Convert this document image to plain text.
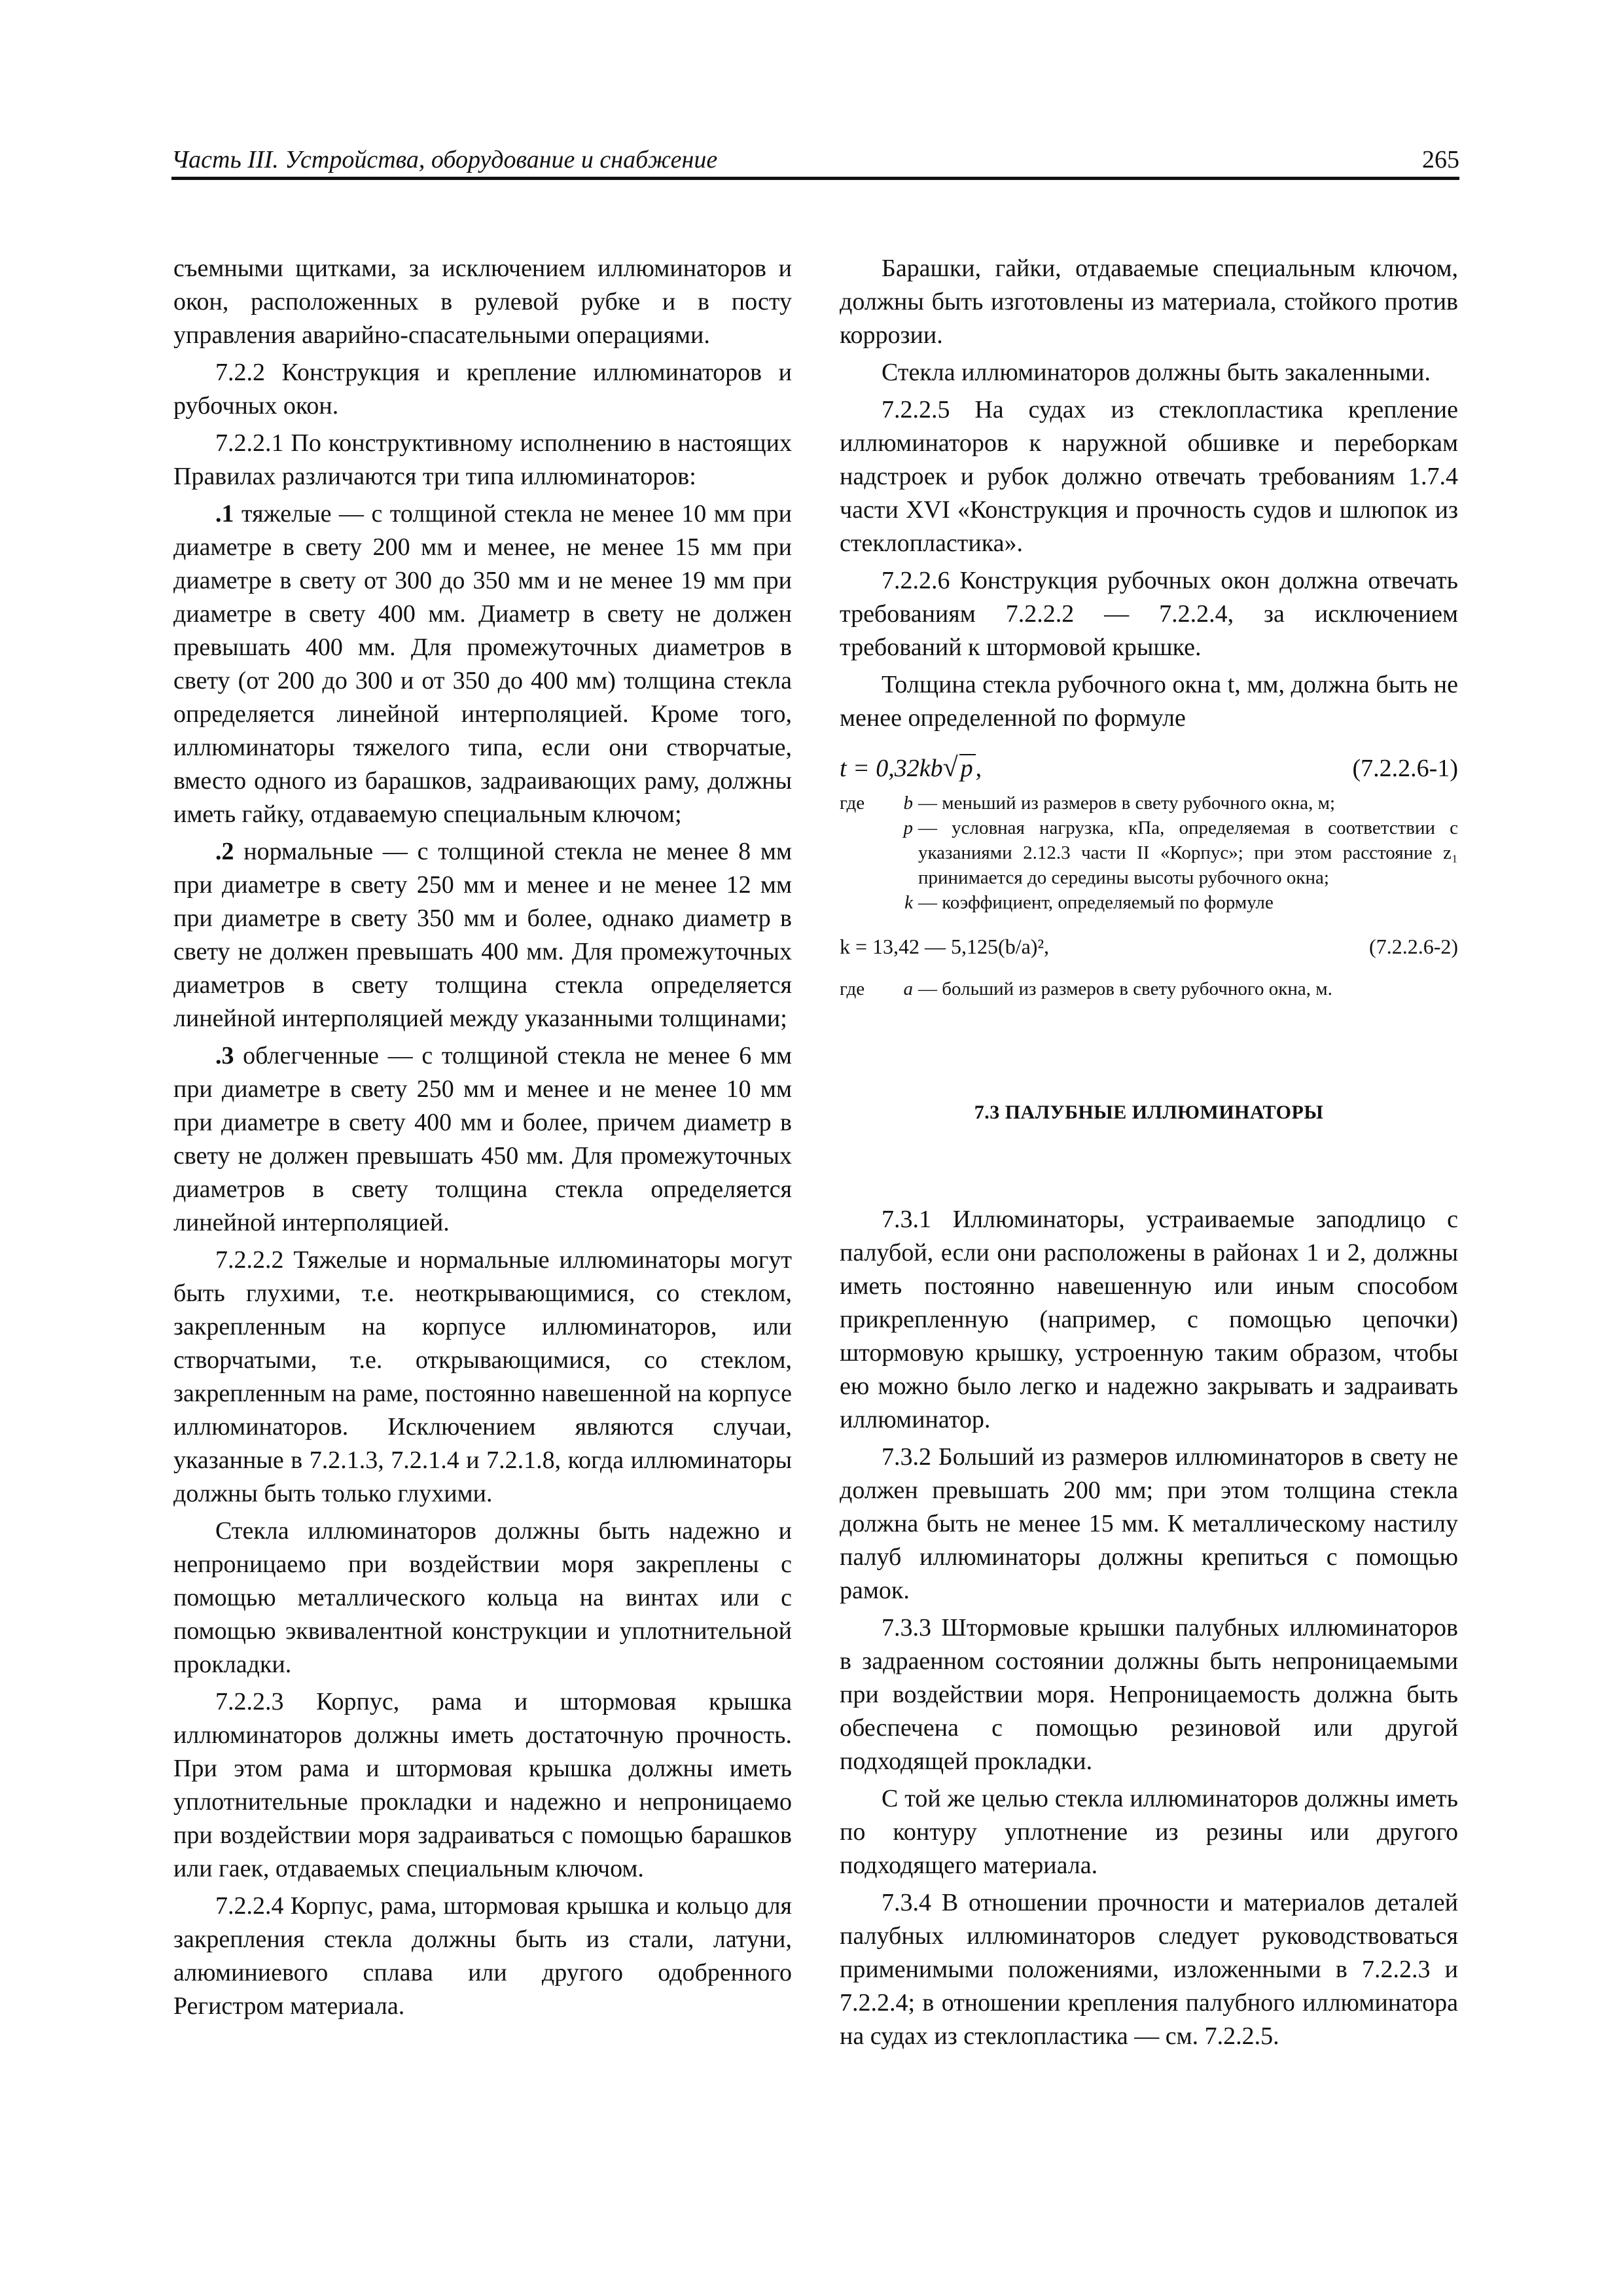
Часть III. Устройства, оборудование и снабжение	265

съемными щитками, за исключением иллюминаторов и окон, расположенных в рулевой рубке и в посту управления аварийно-спасательными операциями.

7.2.2 Конструкция и крепление иллюминаторов и рубочных окон.

7.2.2.1 По конструктивному исполнению в настоящих Правилах различаются три типа иллюминаторов:

.1 тяжелые — с толщиной стекла не менее 10 мм при диаметре в свету 200 мм и менее, не менее 15 мм при диаметре в свету от 300 до 350 мм и не менее 19 мм при диаметре в свету 400 мм. Диаметр в свету не должен превышать 400 мм. Для промежуточных диаметров в свету (от 200 до 300 и от 350 до 400 мм) толщина стекла определяется линейной интерполяцией. Кроме того, иллюминаторы тяжелого типа, если они створчатые, вместо одного из барашков, задраивающих раму, должны иметь гайку, отдаваемую специальным ключом;

.2 нормальные — с толщиной стекла не менее 8 мм при диаметре в свету 250 мм и менее и не менее 12 мм при диаметре в свету 350 мм и более, однако диаметр в свету не должен превышать 400 мм. Для промежуточных диаметров в свету толщина стекла определяется линейной интерполяцией между указанными толщинами;

.3 облегченные — с толщиной стекла не менее 6 мм при диаметре в свету 250 мм и менее и не менее 10 мм при диаметре в свету 400 мм и более, причем диаметр в свету не должен превышать 450 мм. Для промежуточных диаметров в свету толщина стекла определяется линейной интерполяцией.

7.2.2.2 Тяжелые и нормальные иллюминаторы могут быть глухими, т.е. неоткрывающимися, со стеклом, закрепленным на корпусе иллюминаторов, или створчатыми, т.е. открывающимися, со стеклом, закрепленным на раме, постоянно навешенной на корпусе иллюминаторов. Исключением являются случаи, указанные в 7.2.1.3, 7.2.1.4 и 7.2.1.8, когда иллюминаторы должны быть только глухими.

Стекла иллюминаторов должны быть надежно и непроницаемо при воздействии моря закреплены с помощью металлического кольца на винтах или с помощью эквивалентной конструкции и уплотнительной прокладки.

7.2.2.3 Корпус, рама и штормовая крышка иллюминаторов должны иметь достаточную прочность. При этом рама и штормовая крышка должны иметь уплотнительные прокладки и надежно и непроницаемо при воздействии моря задраиваться с помощью барашков или гаек, отдаваемых специальным ключом.

7.2.2.4 Корпус, рама, штормовая крышка и кольцо для закрепления стекла должны быть из стали, латуни, алюминиевого сплава или другого одобренного Регистром материала.

Барашки, гайки, отдаваемые специальным ключом, должны быть изготовлены из материала, стойкого против коррозии.

Стекла иллюминаторов должны быть закаленными.

7.2.2.5 На судах из стеклопластика крепление иллюминаторов к наружной обшивке и переборкам надстроек и рубок должно отвечать требованиям 1.7.4 части XVI «Конструкция и прочность судов и шлюпок из стеклопластика».

7.2.2.6 Конструкция рубочных окон должна отвечать требованиям 7.2.2.2 — 7.2.2.4, за исключением требований к штормовой крышке.

Толщина стекла рубочного окна t, мм, должна быть не менее определенной по формуле

t = 0,32kb√ p ,	(7.2.2.6-1)
где	b — меньший из размеров в свету рубочного окна, м;
p — условная нагрузка, кПа, определяемая в соответствии с указаниями 2.12.3 части II «Корпус»; при этом расстояние z₁ принимается до середины высоты рубочного окна;
k — коэффициент, определяемый по формуле
k = 13,42 — 5,125(b/a)²,	(7.2.2.6-2)
где	a — больший из размеров в свету рубочного окна, м.
7.3 ПАЛУБНЫЕ ИЛЛЮМИНАТОРЫ

7.3.1 Иллюминаторы, устраиваемые заподлицо с палубой, если они расположены в районах 1 и 2, должны иметь постоянно навешенную или иным способом прикрепленную (например, с помощью цепочки) штормовую крышку, устроенную таким образом, чтобы ею можно было легко и надежно закрывать и задраивать иллюминатор.

7.3.2 Больший из размеров иллюминаторов в свету не должен превышать 200 мм; при этом толщина стекла должна быть не менее 15 мм. К металлическому настилу палуб иллюминаторы должны крепиться с помощью рамок.

7.3.3 Штормовые крышки палубных иллюминаторов в задраенном состоянии должны быть непроницаемыми при воздействии моря. Непроницаемость должна быть обеспечена с помощью резиновой или другой подходящей прокладки.

С той же целью стекла иллюминаторов должны иметь по контуру уплотнение из резины или другого подходящего материала.

7.3.4 В отношении прочности и материалов деталей палубных иллюминаторов следует руководствоваться применимыми положениями, изложенными в 7.2.2.3 и 7.2.2.4; в отношении крепления палубного иллюминатора на судах из стеклопластика — см. 7.2.2.5.
